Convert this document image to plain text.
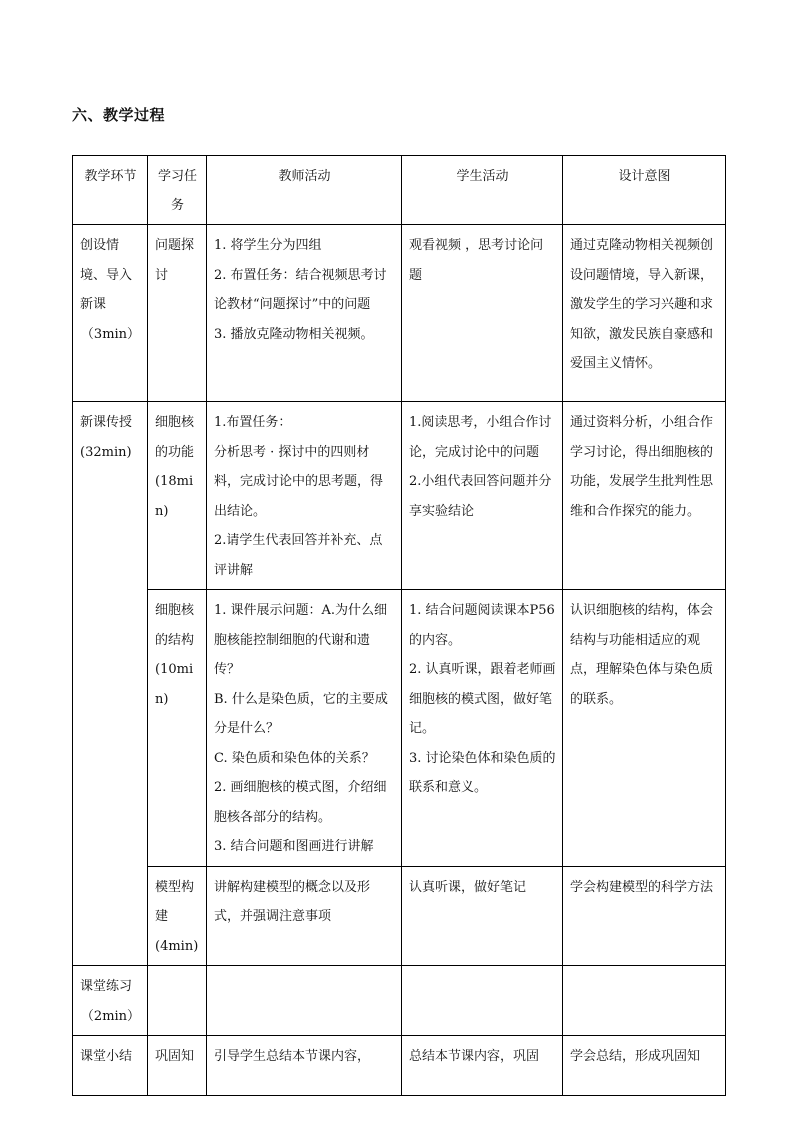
六、教学过程
教学环节	学习任务	教师活动	学生活动	设计意图

创设情境、导入新课
（3min）	问题探讨	1. 将学生分为四组
2. 布置任务：结合视频思考讨论教材“问题探讨”中的问题
3. 播放克隆动物相关视频。	观看视频 ，思考讨论问题	通过克隆动物相关视频创设问题情境，导入新课，激发学生的学习兴趣和求知欲，激发民族自豪感和爱国主义情怀。

新课传授
(32min)	细胞核的功能
(18min)	1.布置任务：
分析思考 · 探讨中的四则材料，完成讨论中的思考题，得出结论。
2.请学生代表回答并补充、点评讲解	1.阅读思考，小组合作讨论，完成讨论中的问题
2.小组代表回答问题并分享实验结论	通过资料分析，小组合作学习讨论，得出细胞核的功能，发展学生批判性思维和合作探究的能力。

	细胞核的结构
(10min)	1. 课件展示问题：A.为什么细胞核能控制细胞的代谢和遗传？
B. 什么是染色质，它的主要成分是什么？
C. 染色质和染色体的关系？
2. 画细胞核的模式图，介绍细胞核各部分的结构。
3. 结合问题和图画进行讲解	1. 结合问题阅读课本P56的内容。
2. 认真听课，跟着老师画细胞核的模式图，做好笔记。
3. 讨论染色体和染色质的联系和意义。	认识细胞核的结构，体会结构与功能相适应的观点，理解染色体与染色质的联系。

	模型构建
(4min)	讲解构建模型的概念以及形式，并强调注意事项	认真听课，做好笔记	学会构建模型的科学方法

课堂练习
（2min）				

课堂小结	巩固知	引导学生总结本节课内容，	总结本节课内容，巩固	学会总结，形成巩固知
